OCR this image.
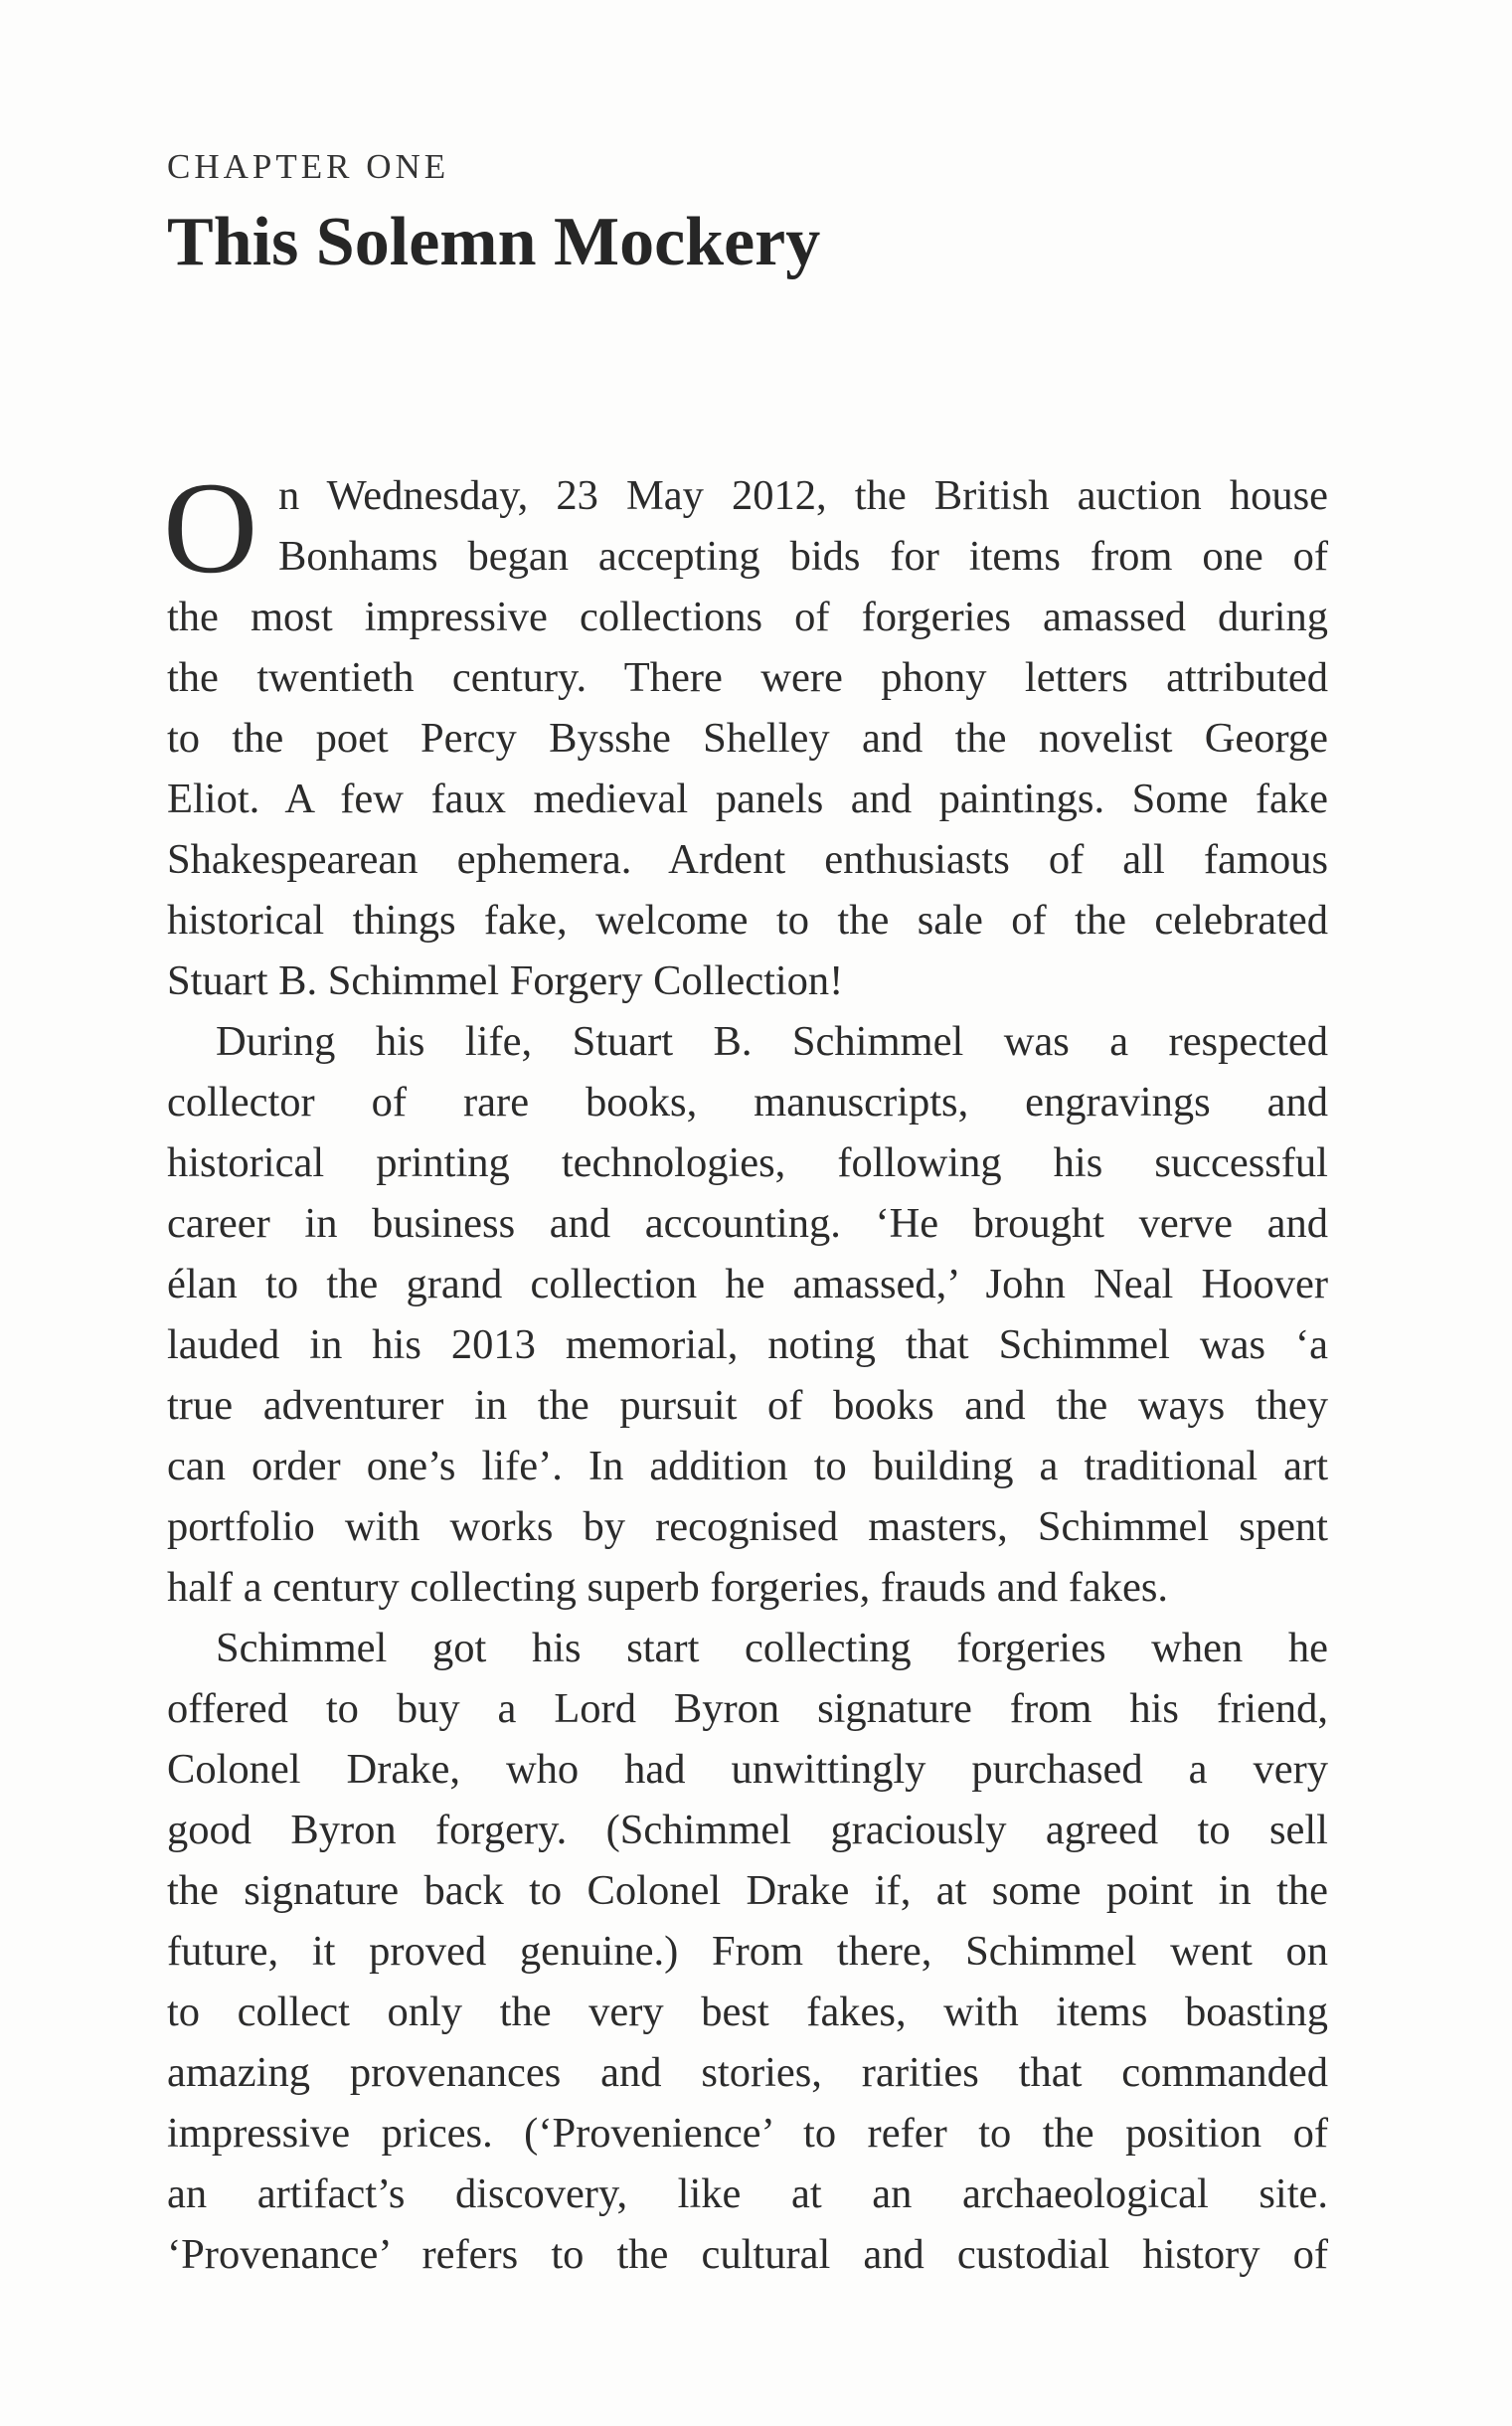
CHAPTER ONE
This Solemn Mockery
O n Wednesday, 23 May 2012, the British auction house
Bonhams began accepting bids for items from one of
the most impressive collections of forgeries amassed during
the twentieth century. There were phony letters attributed
to the poet Percy Bysshe Shelley and the novelist George
Eliot. A few faux medieval panels and paintings. Some fake
Shakespearean ephemera. Ardent enthusiasts of all famous
historical things fake, welcome to the sale of the celebrated
Stuart B. Schimmel Forgery Collection!
During his life, Stuart B. Schimmel was a respected
collector of rare books, manuscripts, engravings and
historical printing technologies, following his successful
career in business and accounting. ‘He brought verve and
élan to the grand collection he amassed,’ John Neal Hoover
lauded in his 2013 memorial, noting that Schimmel was ‘a
true adventurer in the pursuit of books and the ways they
can order one’s life’. In addition to building a traditional art
portfolio with works by recognised masters, Schimmel spent
half a century collecting superb forgeries, frauds and fakes.
Schimmel got his start collecting forgeries when he
offered to buy a Lord Byron signature from his friend,
Colonel Drake, who had unwittingly purchased a very
good Byron forgery. (Schimmel graciously agreed to sell
the signature back to Colonel Drake if, at some point in the
future, it proved genuine.) From there, Schimmel went on
to collect only the very best fakes, with items boasting
amazing provenances and stories, rarities that commanded
impressive prices. (‘Provenience’ to refer to the position of
an artifact’s discovery, like at an archaeological site.
‘Provenance’ refers to the cultural and custodial history of
